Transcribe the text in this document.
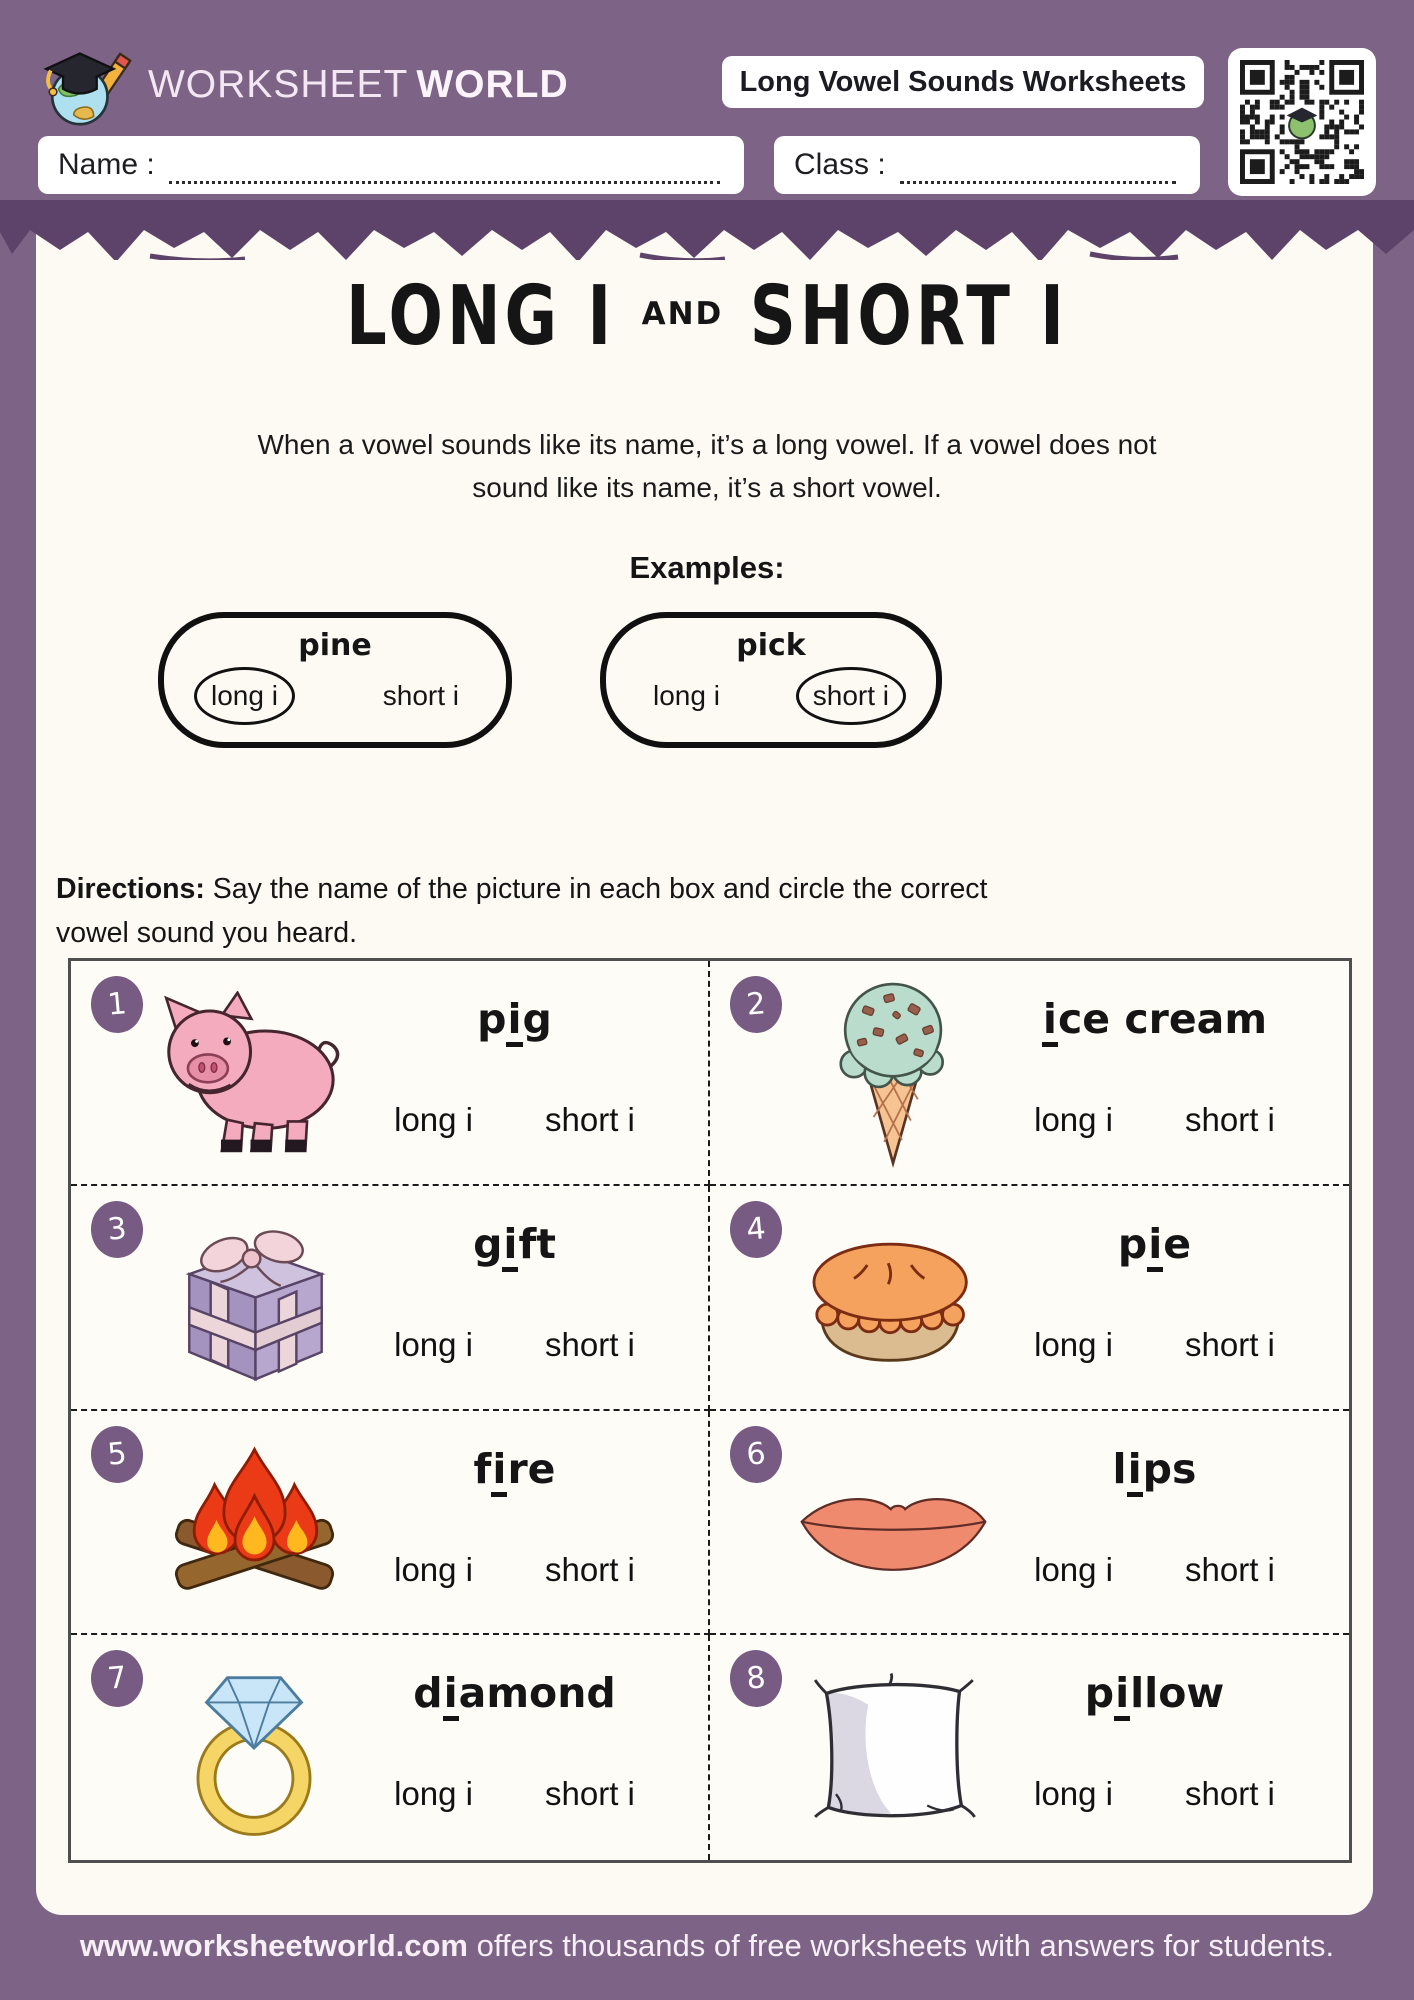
WORKSHEET WORLD	Long Vowel Sounds Worksheets
Name :	Class :
LONG I AND SHORT I
When a vowel sounds like its name, it’s a long vowel. If a vowel does not
sound like its name, it’s a short vowel.
Examples:
pine
long i	short i
pick
long i	short i

Directions: Say the name of the picture in each box and circle the correct vowel sound you heard.

1	pig
long i short i
2	ice cream
long i short i
3	gift
long i short i
4	pie
long i short i
5	fire
long i short i
6	lips
long i short i
7	diamond
long i short i
8	pillow
long i short i
www.worksheetworld.com offers thousands of free worksheets with answers for students.
